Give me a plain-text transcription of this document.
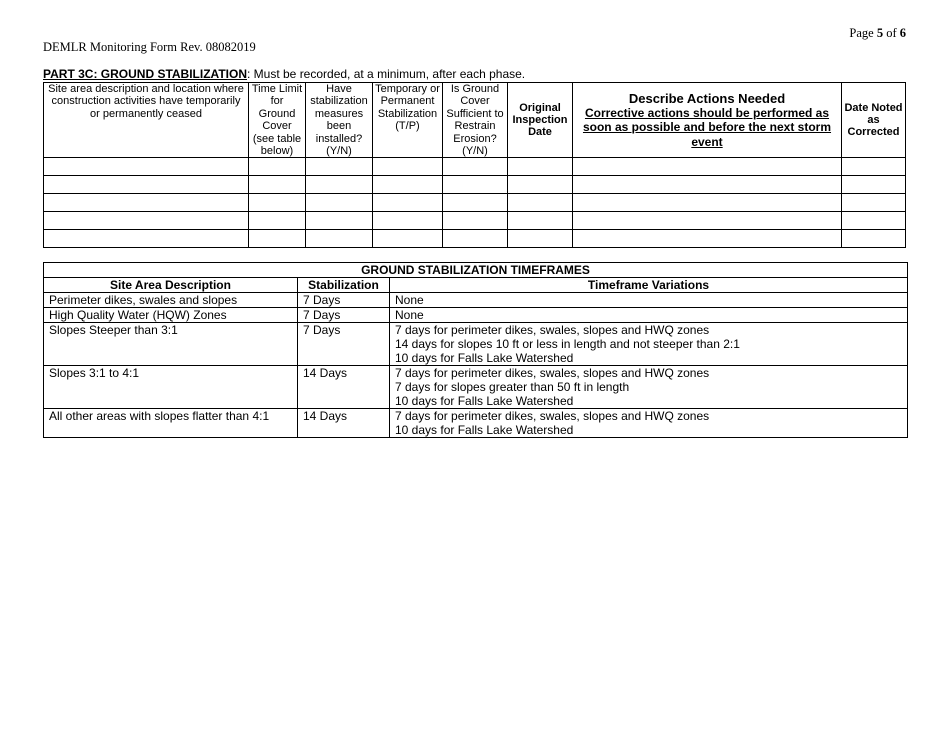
Page 5 of 6
DEMLR Monitoring Form Rev. 08082019
PART 3C: GROUND STABILIZATION: Must be recorded, at a minimum, after each phase.
Site area description and location where construction activities have temporarily or permanently ceased	Time Limit for Ground Cover (see table below)	Have stabilization measures been installed? (Y/N)	Temporary or Permanent Stabilization (T/P)	Is Ground Cover Sufficient to Restrain Erosion? (Y/N)	Original Inspection Date	Describe Actions Needed
Corrective actions should be performed as soon as possible and before the next storm event	Date Noted as Corrected

GROUND STABILIZATION TIMEFRAMES		
Site Area Description	Stabilization	Timeframe Variations
Perimeter dikes, swales and slopes	7 Days	None

High Quality Water (HQW) Zones	7 Days	None

Slopes Steeper than 3:1	7 Days	7 days for perimeter dikes, swales, slopes and HWQ zones
14 days for slopes 10 ft or less in length and not steeper than 2:1
10 days for Falls Lake Watershed

Slopes 3:1 to 4:1	14 Days	7 days for perimeter dikes, swales, slopes and HWQ zones
7 days for slopes greater than 50 ft in length
10 days for Falls Lake Watershed

All other areas with slopes flatter than 4:1	14 Days	7 days for perimeter dikes, swales, slopes and HWQ zones
10 days for Falls Lake Watershed
